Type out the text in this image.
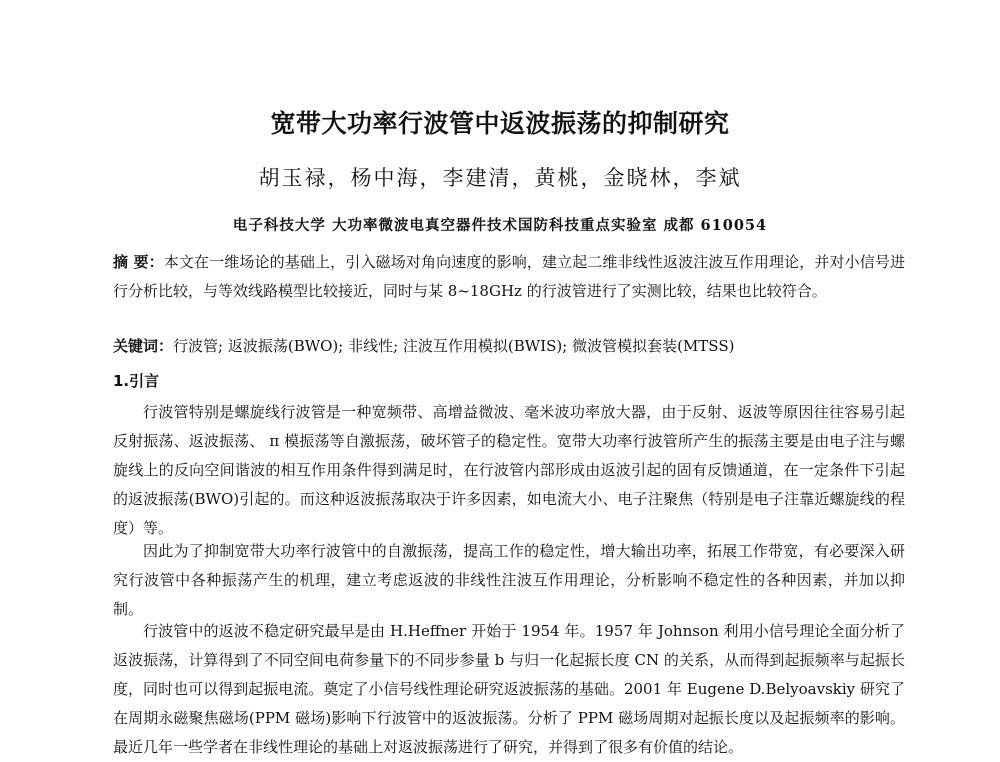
宽带大功率行波管中返波振荡的抑制研究
胡玉禄，杨中海，李建清，黄桃，金晓林，李斌
电子科技大学 大功率微波电真空器件技术国防科技重点实验室 成都 610054
摘 要：本文在一维场论的基础上，引入磁场对角向速度的影响，建立起二维非线性返波注波互作用理论，并对小信号进行分析比较，与等效线路模型比较接近，同时与某 8~18GHz 的行波管进行了实测比较，结果也比较符合。
关键词：行波管; 返波振荡(BWO); 非线性; 注波互作用模拟(BWIS); 微波管模拟套装(MTSS)
1.引言
行波管特别是螺旋线行波管是一种宽频带、高增益微波、毫米波功率放大器，由于反射、返波等原因往往容易引起反射振荡、返波振荡、 π 模振荡等自激振荡，破坏管子的稳定性。宽带大功率行波管所产生的振荡主要是由电子注与螺旋线上的反向空间谐波的相互作用条件得到满足时，在行波管内部形成由返波引起的固有反馈通道，在一定条件下引起的返波振荡(BWO)引起的。而这种返波振荡取决于许多因素，如电流大小、电子注聚焦（特别是电子注靠近螺旋线的程度）等。
因此为了抑制宽带大功率行波管中的自激振荡，提高工作的稳定性，增大输出功率，拓展工作带宽，有必要深入研究行波管中各种振荡产生的机理，建立考虑返波的非线性注波互作用理论，分析影响不稳定性的各种因素，并加以抑制。
行波管中的返波不稳定研究最早是由 H.Heffner 开始于 1954 年。1957 年 Johnson 利用小信号理论全面分析了返波振荡，计算得到了不同空间电荷参量下的不同步参量 b 与归一化起振长度 CN 的关系，从而得到起振频率与起振长度，同时也可以得到起振电流。奠定了小信号线性理论研究返波振荡的基础。2001 年 Eugene D.Belyoavskiy 研究了在周期永磁聚焦磁场(PPM 磁场)影响下行波管中的返波振荡。分析了 PPM 磁场周期对起振长度以及起振频率的影响。最近几年一些学者在非线性理论的基础上对返波振荡进行了研究，并得到了很多有价值的结论。
